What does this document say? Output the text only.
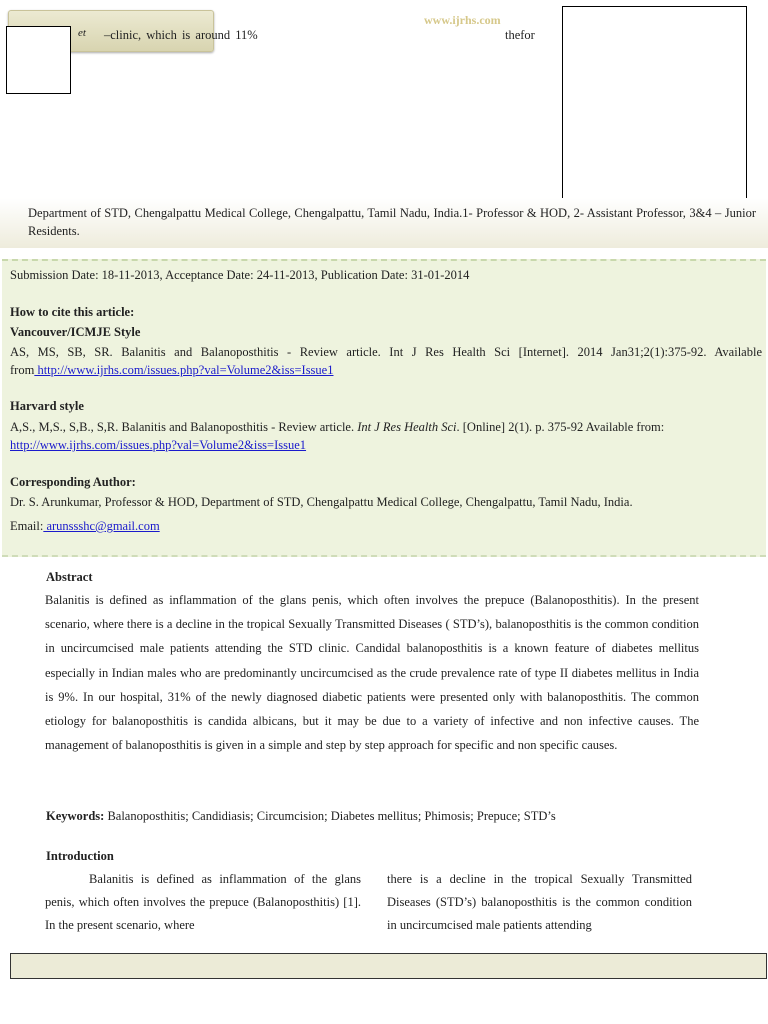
www.ijrhs.com
et –clinic, which is around 11%	thefor
Department of STD, Chengalpattu Medical College, Chengalpattu, Tamil Nadu, India.1- Professor & HOD, 2- Assistant Professor, 3&4 – Junior Residents.
Submission Date: 18-11-2013, Acceptance Date: 24-11-2013, Publication Date: 31-01-2014
How to cite this article:
Vancouver/ICMJE Style
AS, MS, SB, SR. Balanitis and Balanoposthitis - Review article. Int J Res Health Sci [Internet]. 2014 Jan31;2(1):375-92. Available
from http://www.ijrhs.com/issues.php?val=Volume2&iss=Issue1
Harvard style
A,S., M,S., S,B., S,R. Balanitis and Balanoposthitis - Review article. Int J Res Health Sci. [Online] 2(1). p. 375-92 Available from:
http://www.ijrhs.com/issues.php?val=Volume2&iss=Issue1
Corresponding Author:
Dr. S. Arunkumar, Professor & HOD, Department of STD, Chengalpattu Medical College, Chengalpattu, Tamil Nadu, India.
Email: arunssshc@gmail.com
Abstract
Balanitis is defined as inflammation of the glans penis, which often involves the prepuce (Balanoposthitis). In the present scenario, where there is a decline in the tropical Sexually Transmitted Diseases ( STD’s), balanoposthitis is the common condition in uncircumcised male patients attending the STD clinic. Candidal balanoposthitis is a known feature of diabetes mellitus especially in Indian males who are predominantly uncircumcised as the crude prevalence rate of type II diabetes mellitus in India is 9%. In our hospital, 31% of the newly diagnosed diabetic patients were presented only with balanoposthitis. The common etiology for balanoposthitis is candida albicans, but it may be due to a variety of infective and non infective causes. The management of balanoposthitis is given in a simple and step by step approach for specific and non specific causes.
Keywords: Balanoposthitis; Candidiasis; Circumcision; Diabetes mellitus; Phimosis; Prepuce; STD’s
Introduction
Balanitis is defined as inflammation of the glans penis, which often involves the prepuce (Balanoposthitis) [1]. In the present scenario, where
there is a decline in the tropical Sexually Transmitted Diseases (STD’s) balanoposthitis is the common condition in uncircumcised male patients attending
